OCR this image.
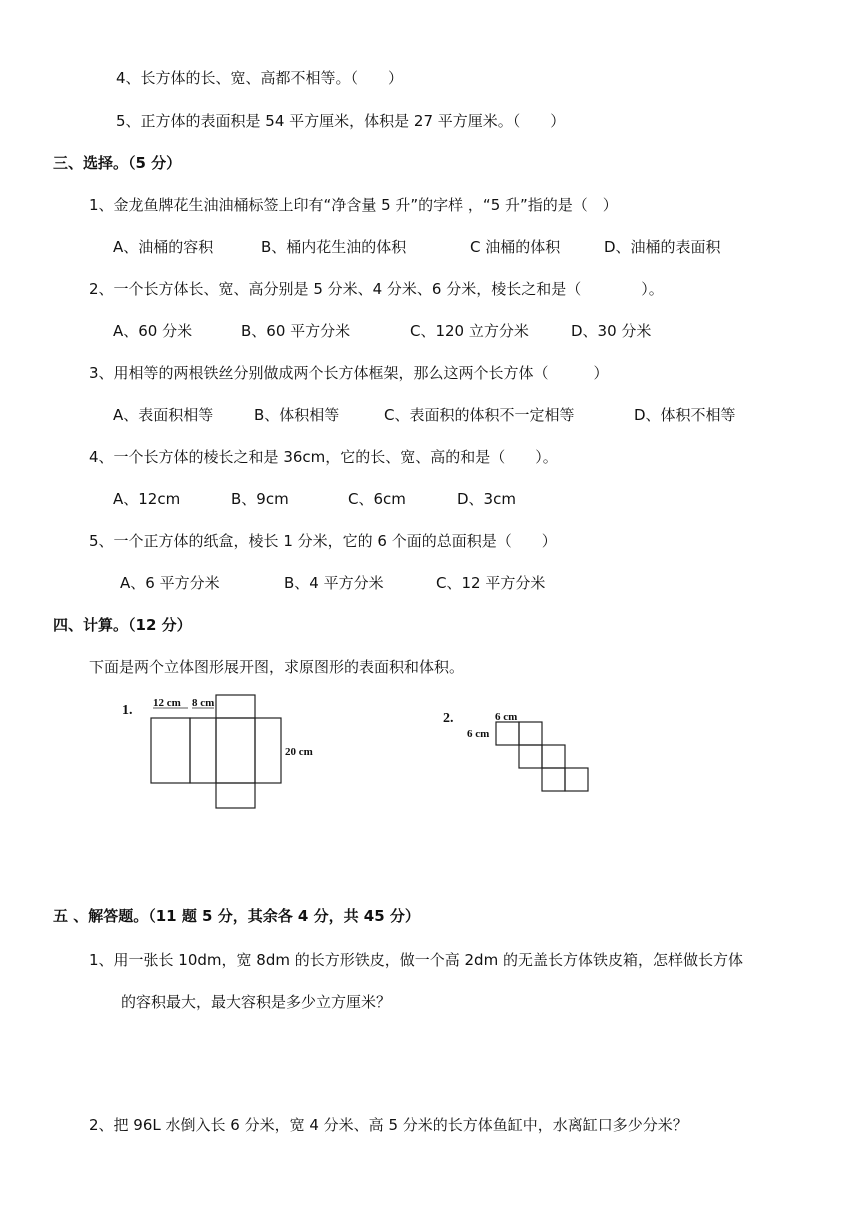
4、长方体的长、宽、高都不相等。（　　）
5、正方体的表面积是 54 平方厘米，体积是 27 平方厘米。（　　）
三、选择。（5 分）
1、金龙鱼牌花生油油桶标签上印有“净含量 5 升”的字样 ，“5 升”指的是（　）
A、油桶的容积	B、桶内花生油的体积	C 油桶的体积	D、油桶的表面积
2、一个长方体长、宽、高分别是 5 分米、4 分米、6 分米，棱长之和是（　　　　）。
A、60 分米	B、60 平方分米	C、120 立方分米	D、30 分米
3、用相等的两根铁丝分别做成两个长方体框架，那么这两个长方体（　　　）
A、表面积相等	B、体积相等	C、表面积的体积不一定相等	D、体积不相等
4、一个长方体的棱长之和是 36cm，它的长、宽、高的和是（　　）。
A、12cm	B、9cm	C、6cm	D、3cm
5、一个正方体的纸盒，棱长 1 分米，它的 6 个面的总面积是（　　）
A、6 平方分米	B、4 平方分米	C、12 平方分米
四、计算。（12 分）
下面是两个立体图形展开图，求原图形的表面积和体积。
1. 12 cm 8 cm
20 cm
2.	6 cm
6 cm
五 、解答题。（11 题 5 分，其余各 4 分，共 45 分）
1、用一张长 10dm，宽 8dm 的长方形铁皮，做一个高 2dm 的无盖长方体铁皮箱，怎样做长方体
的容积最大，最大容积是多少立方厘米？
2、把 96L 水倒入长 6 分米，宽 4 分米、高 5 分米的长方体鱼缸中，水离缸口多少分米？
